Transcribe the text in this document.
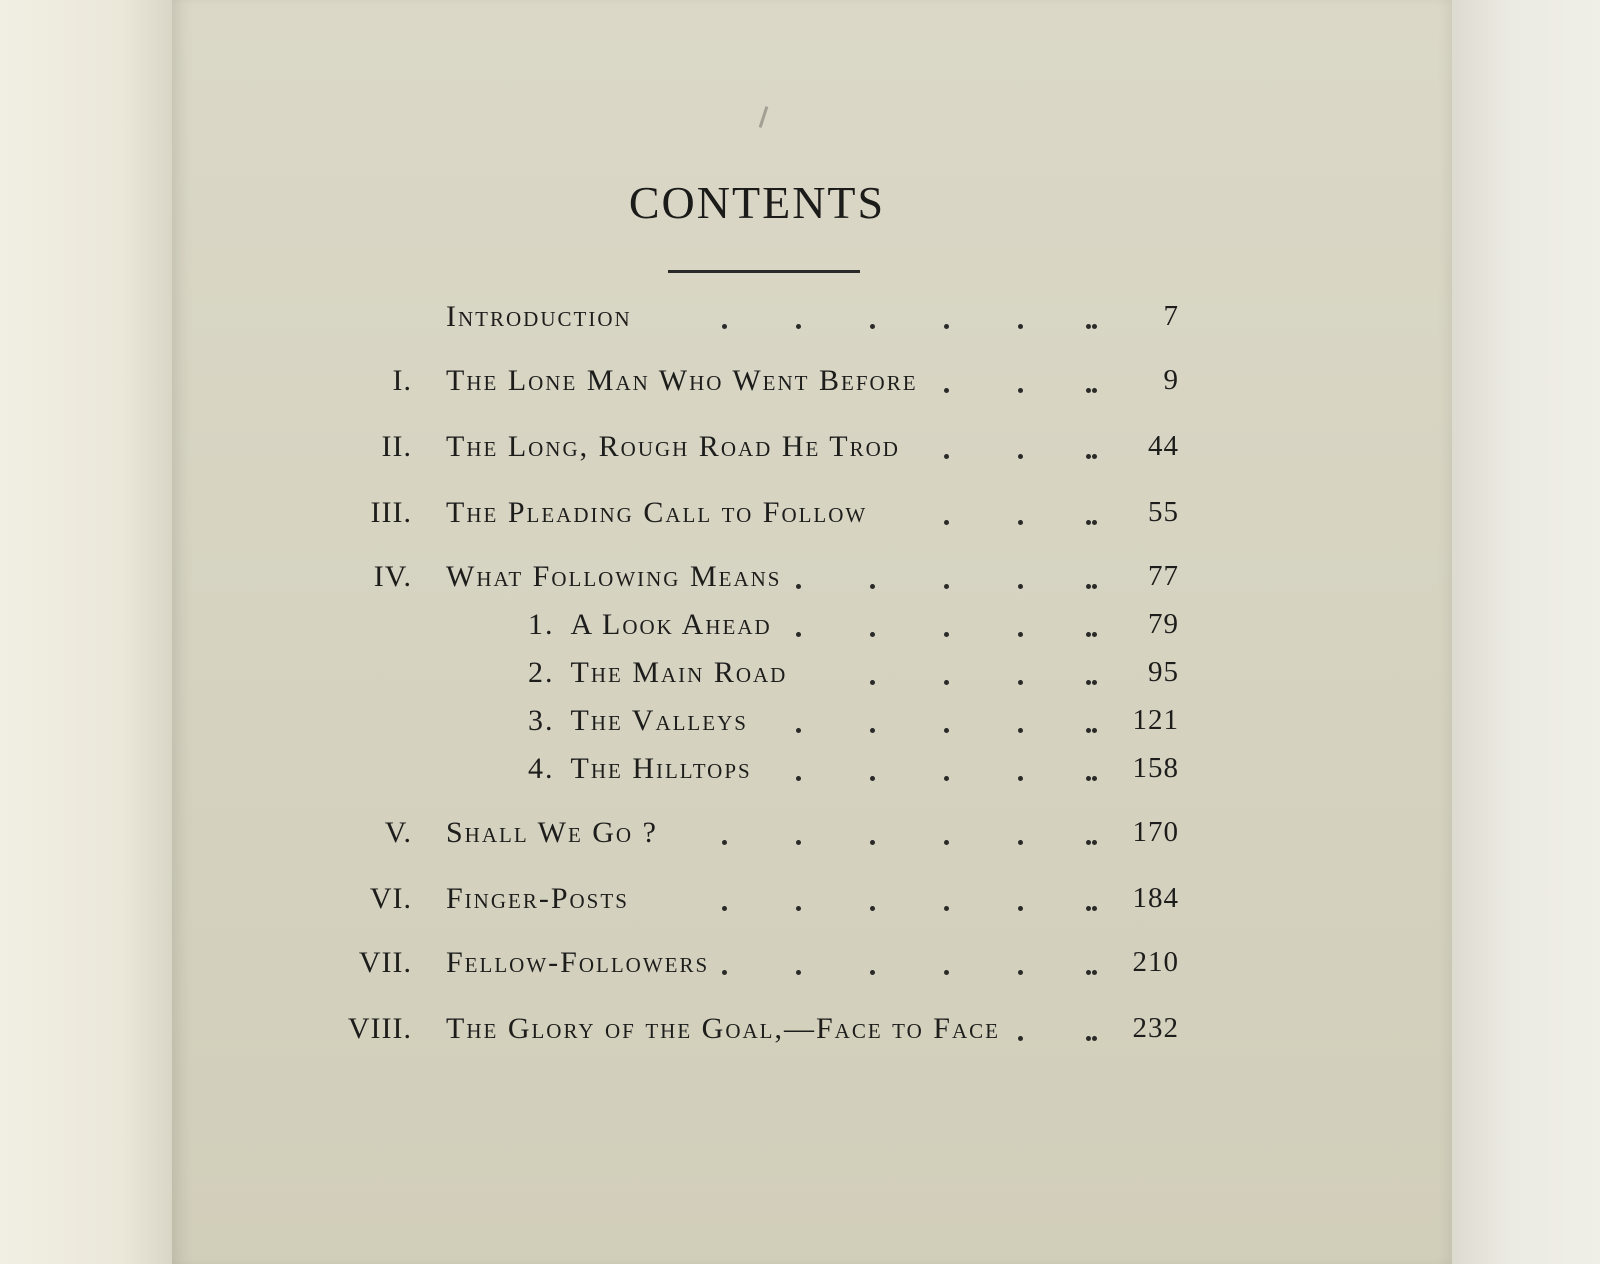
CONTENTS
Introduction	7
I. The Lone Man Who Went Before	9
II. The Long, Rough Road He Trod	44
III. The Pleading Call to Follow	55
IV. What Following Means	77
1. A Look Ahead	79
2. The Main Road	95
3. The Valleys	121
4. The Hilltops	158
V. Shall We Go ?	170
VI. Finger-Posts	184
VII. Fellow-Followers	210
VIII. The Glory of the Goal,—Face to Face	232
